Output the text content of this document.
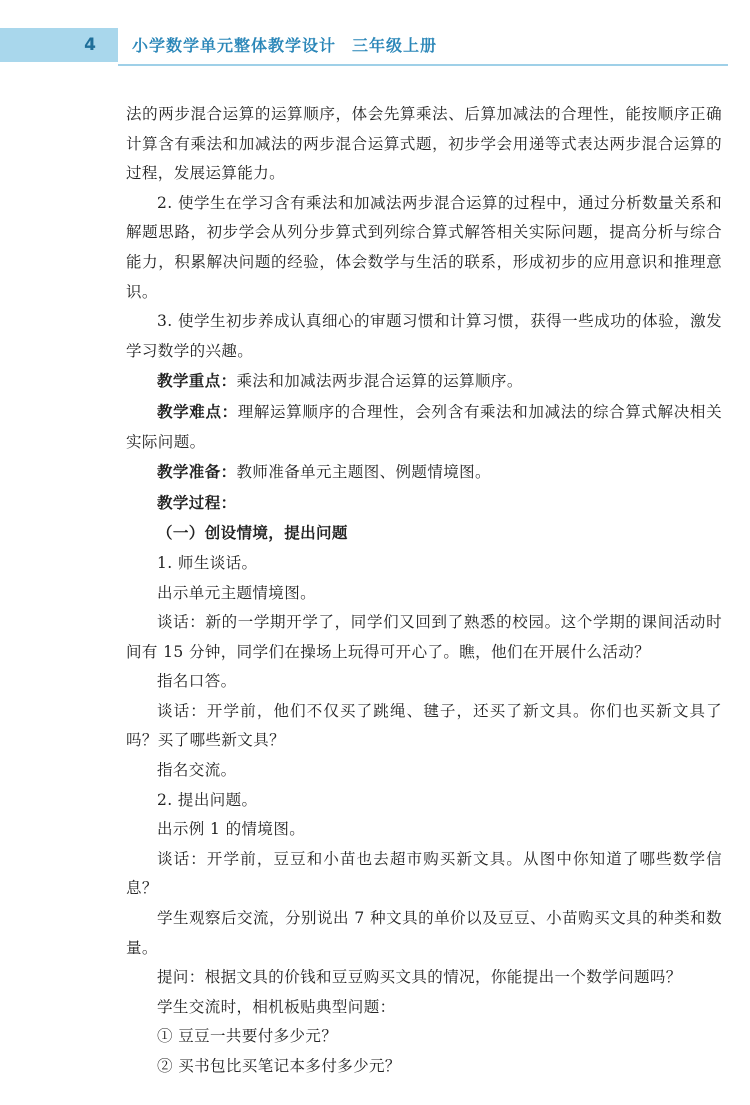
4	小学数学单元整体教学设计 三年级上册

法的两步混合运算的运算顺序，体会先算乘法、后算加减法的合理性，能按顺序正确计算含有乘法和加减法的两步混合运算式题，初步学会用递等式表达两步混合运算的过程，发展运算能力。

2. 使学生在学习含有乘法和加减法两步混合运算的过程中，通过分析数量关系和解题思路，初步学会从列分步算式到列综合算式解答相关实际问题，提高分析与综合能力，积累解决问题的经验，体会数学与生活的联系，形成初步的应用意识和推理意识。

3. 使学生初步养成认真细心的审题习惯和计算习惯，获得一些成功的体验，激发学习数学的兴趣。

教学重点：乘法和加减法两步混合运算的运算顺序。

教学难点：理解运算顺序的合理性，会列含有乘法和加减法的综合算式解决相关实际问题。

教学准备：教师准备单元主题图、例题情境图。

教学过程：

（一）创设情境，提出问题

1. 师生谈话。

出示单元主题情境图。

谈话：新的一学期开学了，同学们又回到了熟悉的校园。这个学期的课间活动时间有 15 分钟，同学们在操场上玩得可开心了。瞧，他们在开展什么活动？

指名口答。

谈话：开学前，他们不仅买了跳绳、毽子，还买了新文具。你们也买新文具了吗？买了哪些新文具？

指名交流。

2. 提出问题。

出示例 1 的情境图。

谈话：开学前，豆豆和小苗也去超市购买新文具。从图中你知道了哪些数学信息？

学生观察后交流，分别说出 7 种文具的单价以及豆豆、小苗购买文具的种类和数量。

提问：根据文具的价钱和豆豆购买文具的情况，你能提出一个数学问题吗？

学生交流时，相机板贴典型问题：

① 豆豆一共要付多少元？

② 买书包比买笔记本多付多少元？
